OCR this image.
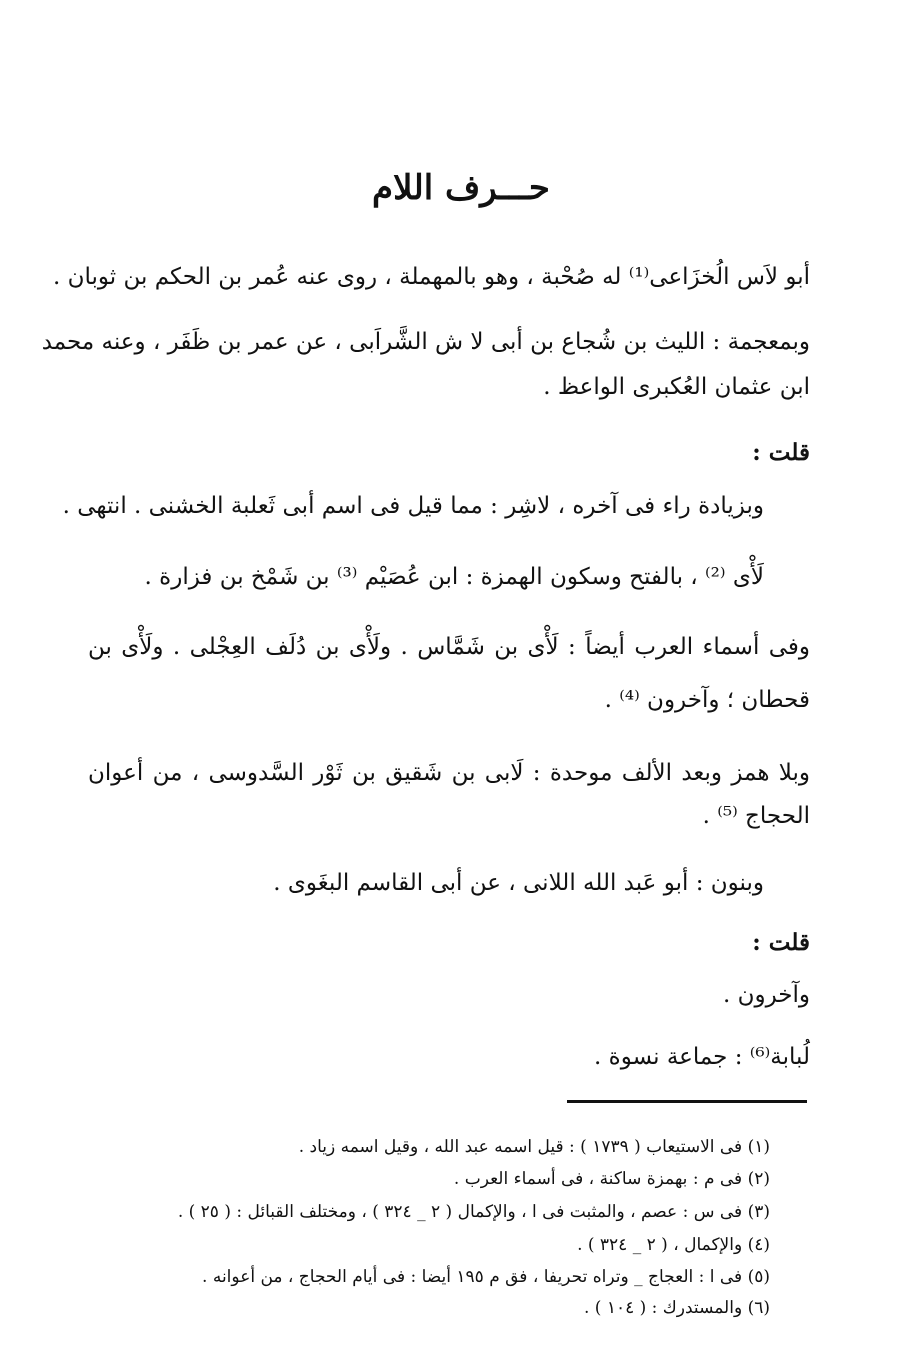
حـــرف اللام
أبو لاَس الُخزَاعى⁽¹⁾ له صُحْبة ، وهو بالمهملة ، روى عنه عُمر بن الحكم بن ثوبان .
وبمعجمة : الليث بن شُجاع بن أبى لا ش الشَّراَبى ، عن عمر بن ظَفَر ، وعنه محمد
ابن عثمان العُكبرى الواعظ .
قلت :
وبزيادة راء فى آخره ، لاشِر : مما قيل فى اسم أبى ثَعلبة الخشنى . انتهى .
لَأْى ⁽²⁾ ، بالفتح وسكون الهمزة : ابن عُصَيْم ⁽³⁾ بن شَمْخ بن فزارة .
وفى أسماء العرب أيضاً : لَأْى بن شَمَّاس . ولَأْى بن دُلَف العِجْلى . ولَأْى بن
قحطان ؛ وآخرون ⁽⁴⁾ .
وبلا همز وبعد الألف موحدة : لَابى بن شَقيق بن ثَوْر السَّدوسى ، من أعوان
الحجاج ⁽⁵⁾ .
وبنون : أبو عَبد الله اللانى ، عن أبى القاسم البغَوى .
قلت :
وآخرون .
لُبابة⁽⁶⁾ : جماعة نسوة .
(١) فى الاستيعاب ( ١٧٣٩ ) : قيل اسمه عبد الله ، وقيل اسمه زياد .
(٢) فى م : بهمزة ساكنة ، فى أسماء العرب .
(٣) فى س : عصم ، والمثبت فى ا ، والإكمال ( ٢ _ ٣٢٤ ) ، ومختلف القبائل : ( ٢٥ ) .
(٤) والإكمال ، ( ٢ _ ٣٢٤ ) .
(٥) فى ا : العجاج _ وتراه تحريفا ، فق م ١٩٥ أيضا : فى أيام الحجاج ، من أعوانه .
(٦) والمستدرك : ( ١٠٤ ) .
